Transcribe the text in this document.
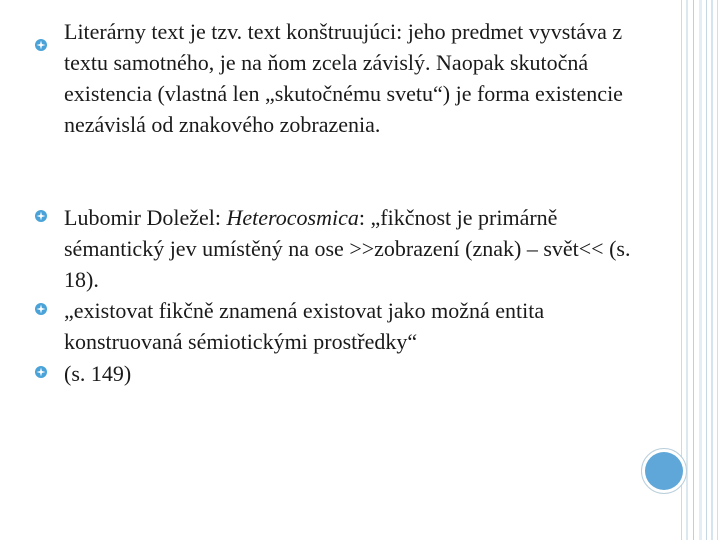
Literárny text je tzv. text konštruujúci: jeho predmet vyvstáva z textu samotného, je na ňom zcela závislý. Naopak skutočná existencia (vlastná len „skutočnému svetu“) je forma existencie nezávislá od znakového zobrazenia.
Lubomir Doležel: Heterocosmica: „fikčnost je primárně sémantický jev umístěný na ose >>zobrazení (znak) – svět<< (s. 18).
„existovat fikčně znamená existovat jako možná entita konstruovaná sémiotickými prostředky“
(s. 149)
